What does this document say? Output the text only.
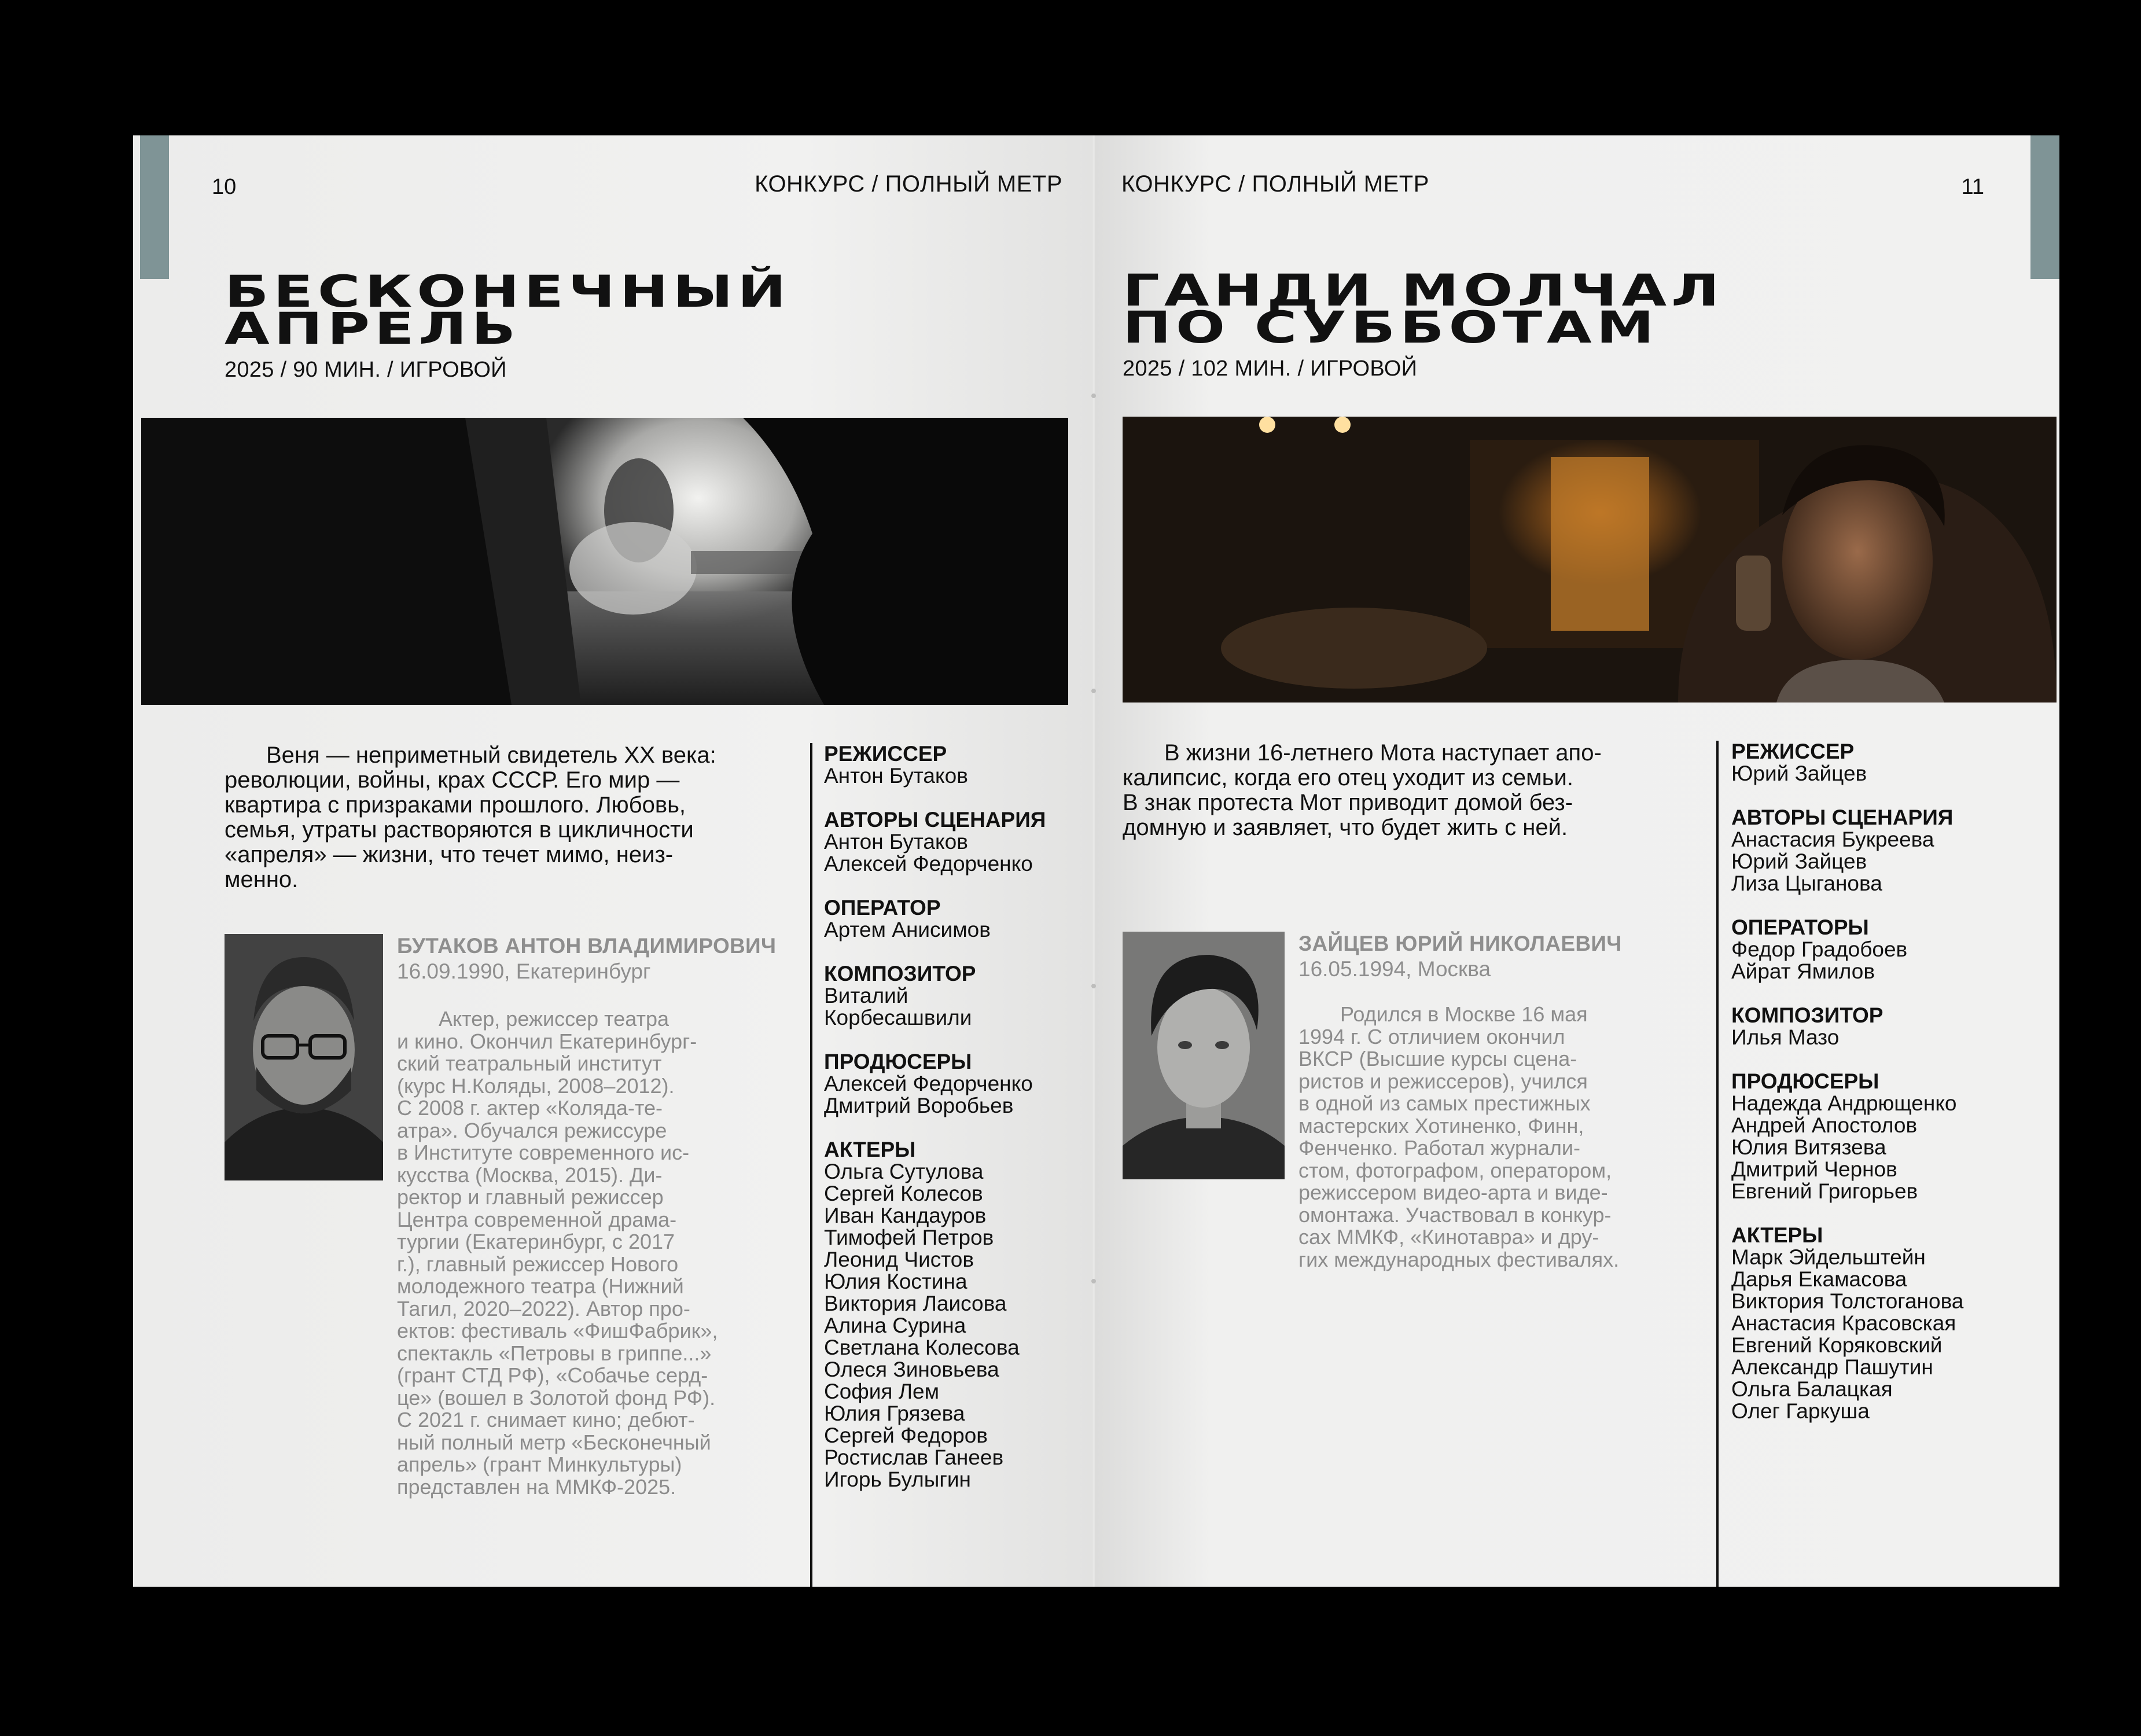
10	КОНКУРС / ПОЛНЫЙ МЕТР
БЕСКОНЕЧНЫЙ
АПРЕЛЬ
2025 / 90 МИН. / ИГРОВОЙ

Веня — неприметный свидетель XX века:
революции, войны, крах СССР. Его мир —
квартира с призраками прошлого. Любовь,
семья, утраты растворяются в цикличности
«апреля» — жизни, что течет мимо, неиз-
менно.

БУТАКОВ АНТОН ВЛАДИМИРОВИЧ
16.09.1990, Екатеринбург

Актер, режиссер театра
и кино. Окончил Екатеринбург-
ский театральный институт
(курс Н.Коляды, 2008–2012).
С 2008 г. актер «Коляда-те-
атра». Обучался режиссуре
в Институте современного ис-
кусства (Москва, 2015). Ди-
ректор и главный режиссер
Центра современной драма-
тургии (Екатеринбург, с 2017
г.), главный режиссер Нового
молодежного театра (Нижний
Тагил, 2020–2022). Автор про-
ектов: фестиваль «ФишФабрик»,
спектакль «Петровы в гриппе...»
(грант СТД РФ), «Собачье серд-
це» (вошел в Золотой фонд РФ).
С 2021 г. снимает кино; дебют-
ный полный метр «Бесконечный
апрель» (грант Минкультуры)
представлен на ММКФ-2025.

РЕЖИССЕР
Антон Бутаков
АВТОРЫ СЦЕНАРИЯ
Антон Бутаков
Алексей Федорченко
ОПЕРАТОР
Артем Анисимов
КОМПОЗИТОР
Виталий
Корбесашвили
ПРОДЮСЕРЫ
Алексей Федорченко
Дмитрий Воробьев
АКТЕРЫ
Ольга Сутулова
Сергей Колесов
Иван Кандауров
Тимофей Петров
Леонид Чистов
Юлия Костина
Виктория Лаисова
Алина Сурина
Светлана Колесова
Олеся Зиновьева
София Лем
Юлия Грязева
Сергей Федоров
Ростислав Ганеев
Игорь Булыгин
11
КОНКУРС / ПОЛНЫЙ МЕТР
ГАНДИ МОЛЧАЛ
ПО СУББОТАМ
2025 / 102 МИН. / ИГРОВОЙ

В жизни 16-летнего Мота наступает апо-
калипсис, когда его отец уходит из семьи.
В знак протеста Мот приводит домой без-
домную и заявляет, что будет жить с ней.

ЗАЙЦЕВ ЮРИЙ НИКОЛАЕВИЧ
16.05.1994, Москва

Родился в Москве 16 мая
1994 г. С отличием окончил
ВКСР (Высшие курсы сцена-
ристов и режиссеров), учился
в одной из самых престижных
мастерских Хотиненко, Финн,
Фенченко. Работал журнали-
стом, фотографом, оператором,
режиссером видео-арта и виде-
омонтажа. Участвовал в конкур-
сах ММКФ, «Кинотавра» и дру-
гих международных фестивалях.

РЕЖИССЕР
Юрий Зайцев
АВТОРЫ СЦЕНАРИЯ
Анастасия Букреева
Юрий Зайцев
Лиза Цыганова
ОПЕРАТОРЫ
Федор Градобоев
Айрат Ямилов
КОМПОЗИТОР
Илья Мазо
ПРОДЮСЕРЫ
Надежда Андрющенко
Андрей Апостолов
Юлия Витязева
Дмитрий Чернов
Евгений Григорьев
АКТЕРЫ
Марк Эйдельштейн
Дарья Екамасова
Виктория Толстоганова
Анастасия Красовская
Евгений Коряковский
Александр Пашутин
Ольга Балацкая
Олег Гаркуша
